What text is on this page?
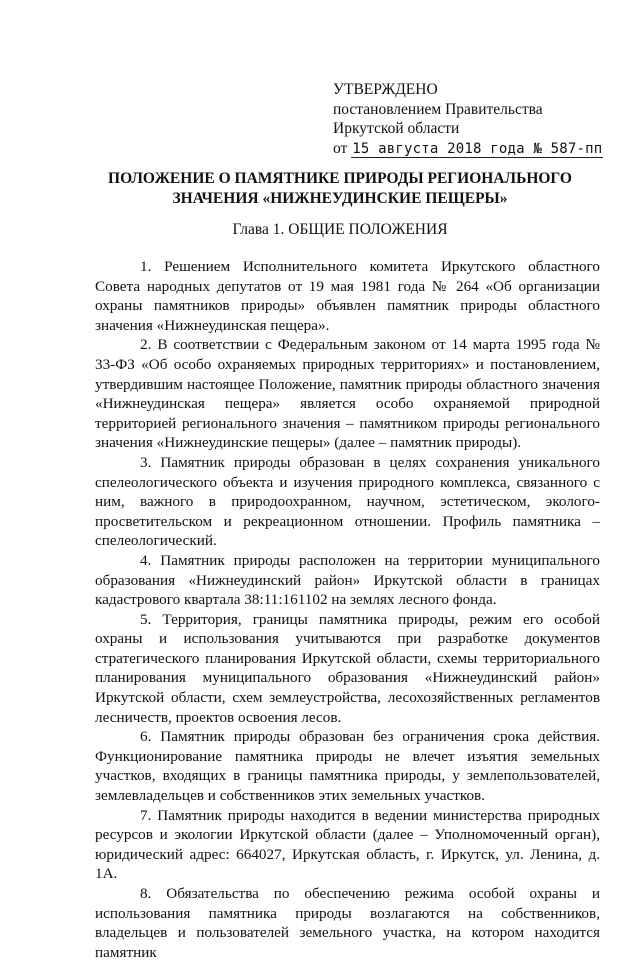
УТВЕРЖДЕНО
постановлением Правительства
Иркутской области
от 15 августа 2018 года № 587-пп
ПОЛОЖЕНИЕ О ПАМЯТНИКЕ ПРИРОДЫ РЕГИОНАЛЬНОГО
ЗНАЧЕНИЯ «НИЖНЕУДИНСКИЕ ПЕЩЕРЫ»
Глава 1. ОБЩИЕ ПОЛОЖЕНИЯ

1. Решением Исполнительного комитета Иркутского областного Совета народных депутатов от 19 мая 1981 года № 264 «Об организации охраны памятников природы» объявлен памятник природы областного значения «Нижнеудинская пещера».

2. В соответствии с Федеральным законом от 14 марта 1995 года № 33-ФЗ «Об особо охраняемых природных территориях» и постановлением, утвердившим настоящее Положение, памятник природы областного значения «Нижнеудинская пещера» является особо охраняемой природной территорией регионального значения – памятником природы регионального значения «Нижнеудинские пещеры» (далее – памятник природы).

3. Памятник природы образован в целях сохранения уникального спелеологического объекта и изучения природного комплекса, связанного с ним, важного в природоохранном, научном, эстетическом, эколого-просветительском и рекреационном отношении. Профиль памятника – спелеологический.

4. Памятник природы расположен на территории муниципального образования «Нижнеудинский район» Иркутской области в границах кадастрового квартала 38:11:161102 на землях лесного фонда.

5. Территория, границы памятника природы, режим его особой охраны и использования учитываются при разработке документов стратегического планирования Иркутской области, схемы территориального планирования муниципального образования «Нижнеудинский район» Иркутской области, схем землеустройства, лесохозяйственных регламентов лесничеств, проектов освоения лесов.

6. Памятник природы образован без ограничения срока действия. Функционирование памятника природы не влечет изъятия земельных участков, входящих в границы памятника природы, у землепользователей, землевладельцев и собственников этих земельных участков.

7. Памятник природы находится в ведении министерства природных ресурсов и экологии Иркутской области (далее – Уполномоченный орган), юридический адрес: 664027, Иркутская область, г. Иркутск, ул. Ленина, д. 1А.

8. Обязательства по обеспечению режима особой охраны и использования памятника природы возлагаются на собственников, владельцев и пользователей земельного участка, на котором находится памятник
